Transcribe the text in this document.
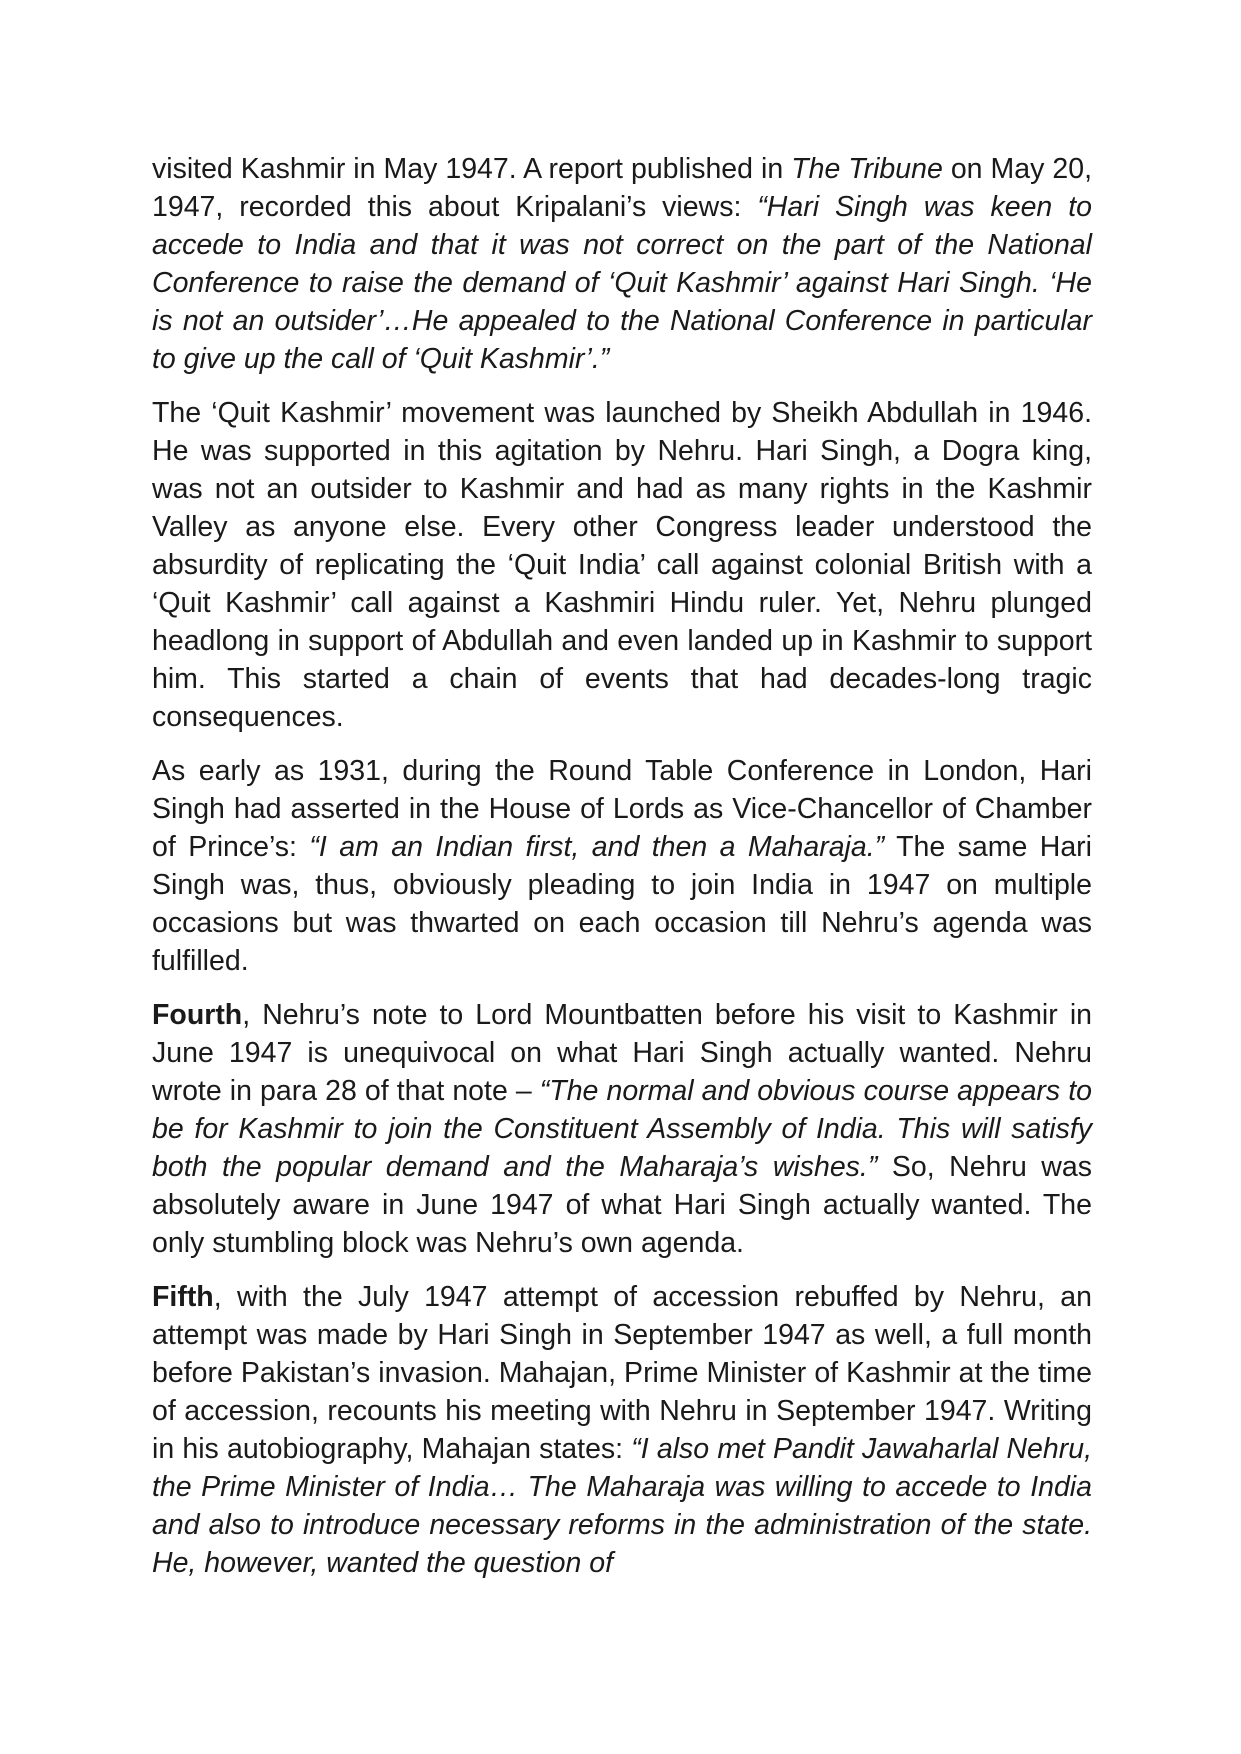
visited Kashmir in May 1947. A report published in The Tribune on May 20, 1947, recorded this about Kripalani’s views: “Hari Singh was keen to accede to India and that it was not correct on the part of the National Conference to raise the demand of ‘Quit Kashmir’ against Hari Singh. ‘He is not an outsider’…He appealed to the National Conference in particular to give up the call of ‘Quit Kashmir’.”

The ‘Quit Kashmir’ movement was launched by Sheikh Abdullah in 1946. He was supported in this agitation by Nehru. Hari Singh, a Dogra king, was not an outsider to Kashmir and had as many rights in the Kashmir Valley as anyone else. Every other Congress leader understood the absurdity of replicating the ‘Quit India’ call against colonial British with a ‘Quit Kashmir’ call against a Kashmiri Hindu ruler. Yet, Nehru plunged headlong in support of Abdullah and even landed up in Kashmir to support him. This started a chain of events that had decades-long tragic consequences.

As early as 1931, during the Round Table Conference in London, Hari Singh had asserted in the House of Lords as Vice-Chancellor of Chamber of Prince’s: “I am an Indian first, and then a Maharaja.” The same Hari Singh was, thus, obviously pleading to join India in 1947 on multiple occasions but was thwarted on each occasion till Nehru’s agenda was fulfilled.

Fourth, Nehru’s note to Lord Mountbatten before his visit to Kashmir in June 1947 is unequivocal on what Hari Singh actually wanted. Nehru wrote in para 28 of that note – “The normal and obvious course appears to be for Kashmir to join the Constituent Assembly of India. This will satisfy both the popular demand and the Maharaja’s wishes.” So, Nehru was absolutely aware in June 1947 of what Hari Singh actually wanted. The only stumbling block was Nehru’s own agenda.

Fifth, with the July 1947 attempt of accession rebuffed by Nehru, an attempt was made by Hari Singh in September 1947 as well, a full month before Pakistan’s invasion. Mahajan, Prime Minister of Kashmir at the time of accession, recounts his meeting with Nehru in September 1947. Writing in his autobiography, Mahajan states: “I also met Pandit Jawaharlal Nehru, the Prime Minister of India… The Maharaja was willing to accede to India and also to introduce necessary reforms in the administration of the state. He, however, wanted the question of
